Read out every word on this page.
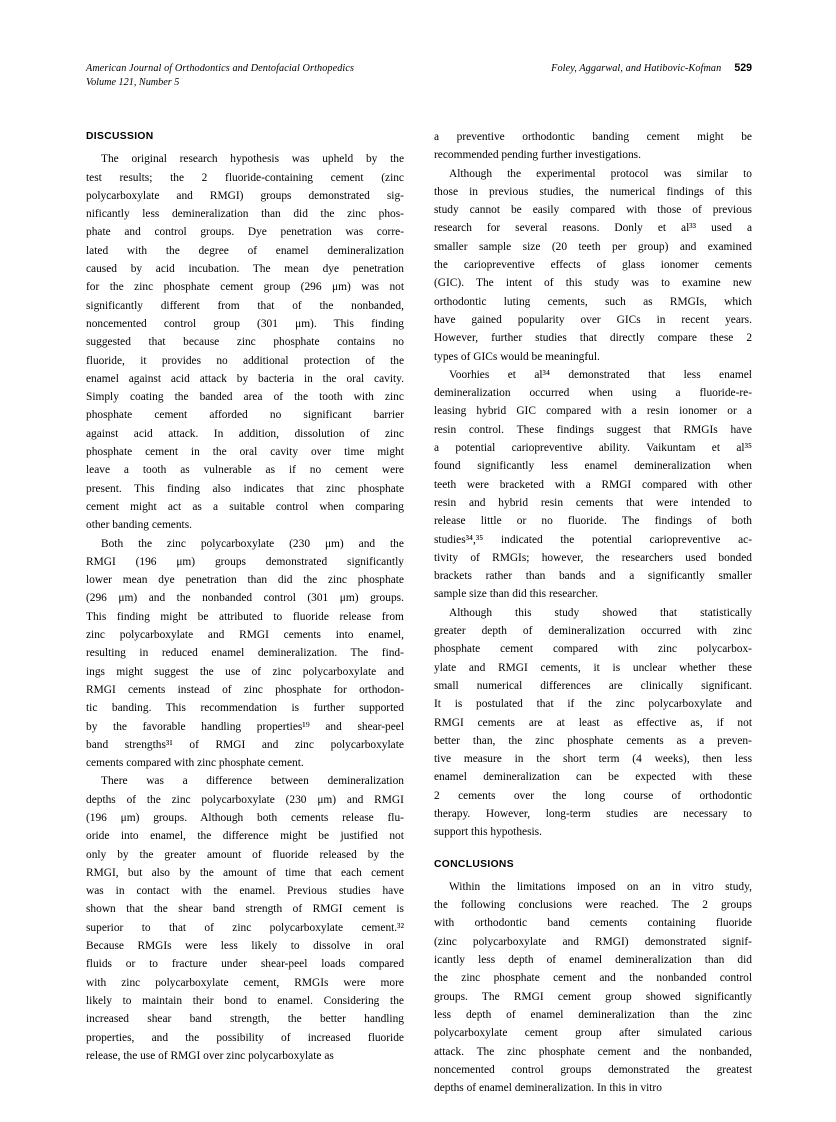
American Journal of Orthodontics and Dentofacial Orthopedics	Foley, Aggarwal, and Hatibovic-Kofman 529
Volume 121, Number 5
DISCUSSION

The original research hypothesis was upheld by the
test results; the 2 fluoride-containing cement (zinc
polycarboxylate and RMGI) groups demonstrated sig-
nificantly less demineralization than did the zinc phos-
phate and control groups. Dye penetration was corre-
lated with the degree of enamel demineralization
caused by acid incubation. The mean dye penetration
for the zinc phosphate cement group (296 μm) was not
significantly different from that of the nonbanded,
noncemented control group (301 μm). This finding
suggested that because zinc phosphate contains no
fluoride, it provides no additional protection of the
enamel against acid attack by bacteria in the oral cavity.
Simply coating the banded area of the tooth with zinc
phosphate cement afforded no significant barrier
against acid attack. In addition, dissolution of zinc
phosphate cement in the oral cavity over time might
leave a tooth as vulnerable as if no cement were
present. This finding also indicates that zinc phosphate
cement might act as a suitable control when comparing
other banding cements.

Both the zinc polycarboxylate (230 μm) and the
RMGI (196 μm) groups demonstrated significantly
lower mean dye penetration than did the zinc phosphate
(296 μm) and the nonbanded control (301 μm) groups.
This finding might be attributed to fluoride release from
zinc polycarboxylate and RMGI cements into enamel,
resulting in reduced enamel demineralization. The find-
ings might suggest the use of zinc polycarboxylate and
RMGI cements instead of zinc phosphate for orthodon-
tic banding. This recommendation is further supported
by the favorable handling properties¹⁹ and shear-peel
band strengths³¹ of RMGI and zinc polycarboxylate
cements compared with zinc phosphate cement.

There was a difference between demineralization
depths of the zinc polycarboxylate (230 μm) and RMGI
(196 μm) groups. Although both cements release flu-
oride into enamel, the difference might be justified not
only by the greater amount of fluoride released by the
RMGI, but also by the amount of time that each cement
was in contact with the enamel. Previous studies have
shown that the shear band strength of RMGI cement is
superior to that of zinc polycarboxylate cement.³²
Because RMGIs were less likely to dissolve in oral
fluids or to fracture under shear-peel loads compared
with zinc polycarboxylate cement, RMGIs were more
likely to maintain their bond to enamel. Considering the
increased shear band strength, the better handling
properties, and the possibility of increased fluoride
release, the use of RMGI over zinc polycarboxylate as

a preventive orthodontic banding cement might be
recommended pending further investigations.

Although the experimental protocol was similar to
those in previous studies, the numerical findings of this
study cannot be easily compared with those of previous
research for several reasons. Donly et al³³ used a
smaller sample size (20 teeth per group) and examined
the cariopreventive effects of glass ionomer cements
(GIC). The intent of this study was to examine new
orthodontic luting cements, such as RMGIs, which
have gained popularity over GICs in recent years.
However, further studies that directly compare these 2
types of GICs would be meaningful.

Voorhies et al³⁴ demonstrated that less enamel
demineralization occurred when using a fluoride-re-
leasing hybrid GIC compared with a resin ionomer or a
resin control. These findings suggest that RMGIs have
a potential cariopreventive ability. Vaikuntam et al³⁵
found significantly less enamel demineralization when
teeth were bracketed with a RMGI compared with other
resin and hybrid resin cements that were intended to
release little or no fluoride. The findings of both
studies³⁴,³⁵ indicated the potential cariopreventive ac-
tivity of RMGIs; however, the researchers used bonded
brackets rather than bands and a significantly smaller
sample size than did this researcher.

Although this study showed that statistically
greater depth of demineralization occurred with zinc
phosphate cement compared with zinc polycarbox-
ylate and RMGI cements, it is unclear whether these
small numerical differences are clinically significant.
It is postulated that if the zinc polycarboxylate and
RMGI cements are at least as effective as, if not
better than, the zinc phosphate cements as a preven-
tive measure in the short term (4 weeks), then less
enamel demineralization can be expected with these
2 cements over the long course of orthodontic
therapy. However, long-term studies are necessary to
support this hypothesis.

CONCLUSIONS

Within the limitations imposed on an in vitro study,
the following conclusions were reached. The 2 groups
with orthodontic band cements containing fluoride
(zinc polycarboxylate and RMGI) demonstrated signif-
icantly less depth of enamel demineralization than did
the zinc phosphate cement and the nonbanded control
groups. The RMGI cement group showed significantly
less depth of enamel demineralization than the zinc
polycarboxylate cement group after simulated carious
attack. The zinc phosphate cement and the nonbanded,
noncemented control groups demonstrated the greatest
depths of enamel demineralization. In this in vitro
